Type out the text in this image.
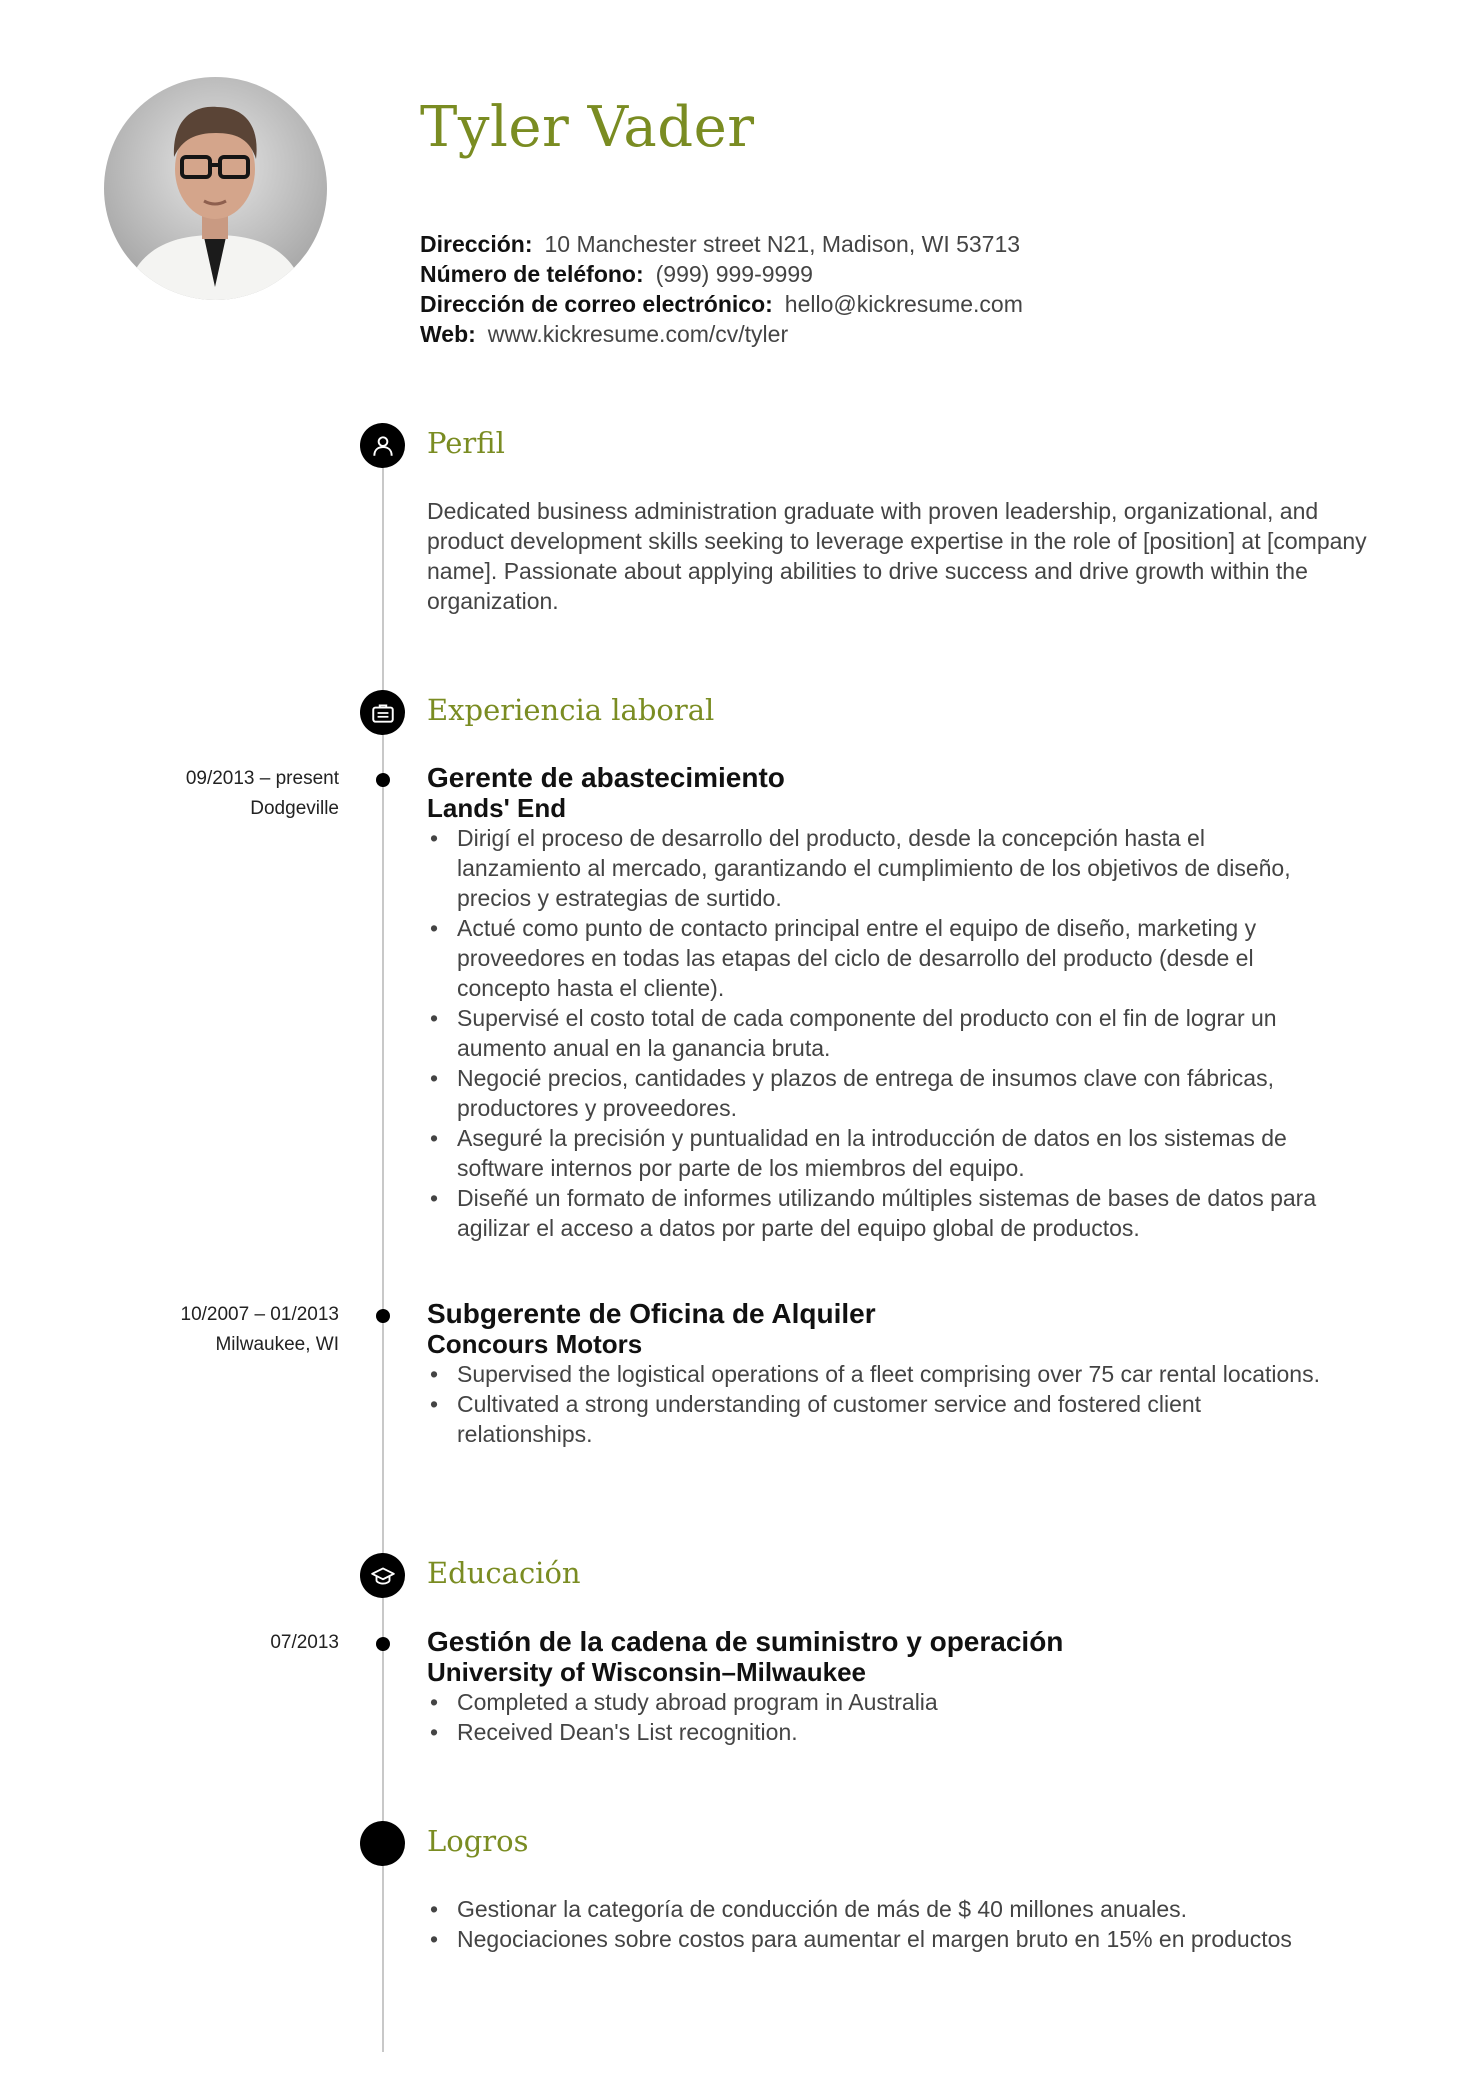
Tyler Vader
Dirección: 10 Manchester street N21, Madison, WI 53713
Número de teléfono: (999) 999-9999
Dirección de correo electrónico: hello@kickresume.com
Web: www.kickresume.com/cv/tyler
Perfil
Dedicated business administration graduate with proven leadership, organizational, and product development skills seeking to leverage expertise in the role of [position] at [company name]. Passionate about applying abilities to drive success and drive growth within the organization.
Experiencia laboral
09/2013 – present
Dodgeville
Gerente de abastecimiento
Lands' End
• Dirigí el proceso de desarrollo del producto, desde la concepción hasta el lanzamiento al mercado, garantizando el cumplimiento de los objetivos de diseño, precios y estrategias de surtido.
• Actué como punto de contacto principal entre el equipo de diseño, marketing y proveedores en todas las etapas del ciclo de desarrollo del producto (desde el concepto hasta el cliente).
• Supervisé el costo total de cada componente del producto con el fin de lograr un aumento anual en la ganancia bruta.
• Negocié precios, cantidades y plazos de entrega de insumos clave con fábricas, productores y proveedores.
• Aseguré la precisión y puntualidad en la introducción de datos en los sistemas de software internos por parte de los miembros del equipo.
• Diseñé un formato de informes utilizando múltiples sistemas de bases de datos para agilizar el acceso a datos por parte del equipo global de productos.
10/2007 – 01/2013
Milwaukee, WI
Subgerente de Oficina de Alquiler
Concours Motors
• Supervised the logistical operations of a fleet comprising over 75 car rental locations.
• Cultivated a strong understanding of customer service and fostered client relationships.
Educación
07/2013	Gestión de la cadena de suministro y operación
University of Wisconsin–Milwaukee
• Completed a study abroad program in Australia
• Received Dean's List recognition.
Logros
• Gestionar la categoría de conducción de más de $ 40 millones anuales.
• Negociaciones sobre costos para aumentar el margen bruto en 15% en productos
